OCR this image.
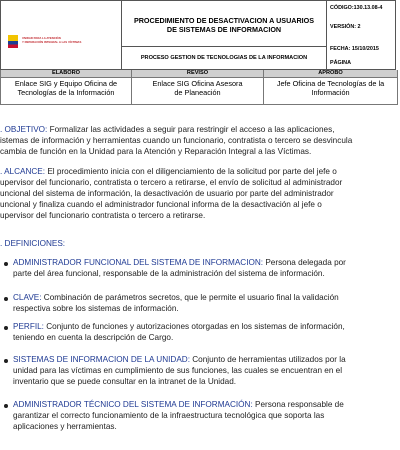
UNIDAD PARA LA ATENCIÓN
Y REPARACIÓN INTEGRAL A LAS VÍCTIMAS
PROCEDIMIENTO DE DESACTIVACION A USUARIOS
DE SISTEMAS DE INFORMACION
PROCESO GESTION DE TECNOLOGIAS DE LA INFORMACION
CÓDIGO:130.13.08-4
VERSIÓN: 2
FECHA: 15/10/2015
PÁGINA
ELABORO
Enlace SIG y Equipo Oficina de
Tecnologías de la Información
REVISO
Enlace SIG Oficina Asesora
de Planeación
APROBO
Jefe Oficina de Tecnologías de la
Información
. OBJETIVO: Formalizar las actividades a seguir para restringir el acceso a las aplicaciones,
istemas de información y herramientas cuando un funcionario, contratista o tercero se desvincula
cambia de función en la Unidad para la Atención y Reparación Integral a las Víctimas.
. ALCANCE: El procedimiento inicia con el diligenciamiento de la solicitud por parte del jefe o
upervisor del funcionario, contratista o tercero a retirarse, el envío de solicitud al administrador
uncional del sistema de información, la desactivación de usuario por parte del administrador
uncional y finaliza cuando el administrador funcional informa de la desactivación al jefe o
upervisor del funcionario contratista o tercero a retirarse.
. DEFINICIONES:
ADMINISTRADOR FUNCIONAL DEL SISTEMA DE INFORMACION: Persona delegada por
parte del área funcional, responsable de la administración del sistema de información.
CLAVE: Combinación de parámetros secretos, que le permite el usuario final la validación
respectiva sobre los sistemas de información.
PERFIL: Conjunto de funciones y autorizaciones otorgadas en los sistemas de información,
teniendo en cuenta la descripción de Cargo.
SISTEMAS DE INFORMACION DE LA UNIDAD: Conjunto de herramientas utilizados por la
unidad para las víctimas en cumplimiento de sus funciones, las cuales se encuentran en el
inventario que se puede consultar en la intranet de la Unidad.
ADMINISTRADOR TÉCNICO DEL SISTEMA DE INFORMACIÓN: Persona responsable de
garantizar el correcto funcionamiento de la infraestructura tecnológica que soporta las
aplicaciones y herramientas.
